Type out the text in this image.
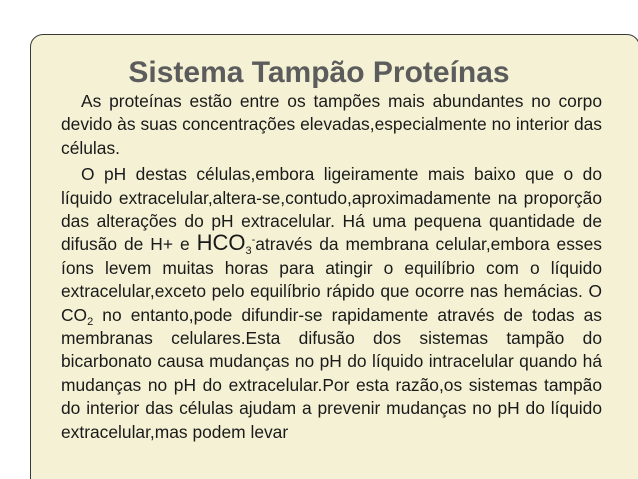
Sistema Tampão Proteínas

As proteínas estão entre os tampões mais abundantes no corpo devido às suas concentrações elevadas,especialmente no interior das células.

O pH destas células,embora ligeiramente mais baixo que o do líquido extracelular,altera-se,contudo,aproximadamente na proporção das alterações do pH extracelular. Há uma pequena quantidade de difusão de H+ e $HCO_3^-através$ da membrana celular,embora esses íons levem muitas horas para atingir o equilíbrio com o líquido extracelular,exceto pelo equilíbrio rápido que ocorre nas hemácias. O $CO_2$ no entanto,pode difundir-se rapidamente através de todas as membranas celulares.Esta difusão dos sistemas tampão do bicarbonato causa mudanças no pH do líquido intracelular quando há mudanças no pH do extracelular.Por esta razão,os sistemas tampão do interior das células ajudam a prevenir mudanças no pH do líquido extracelular,mas podem levar
